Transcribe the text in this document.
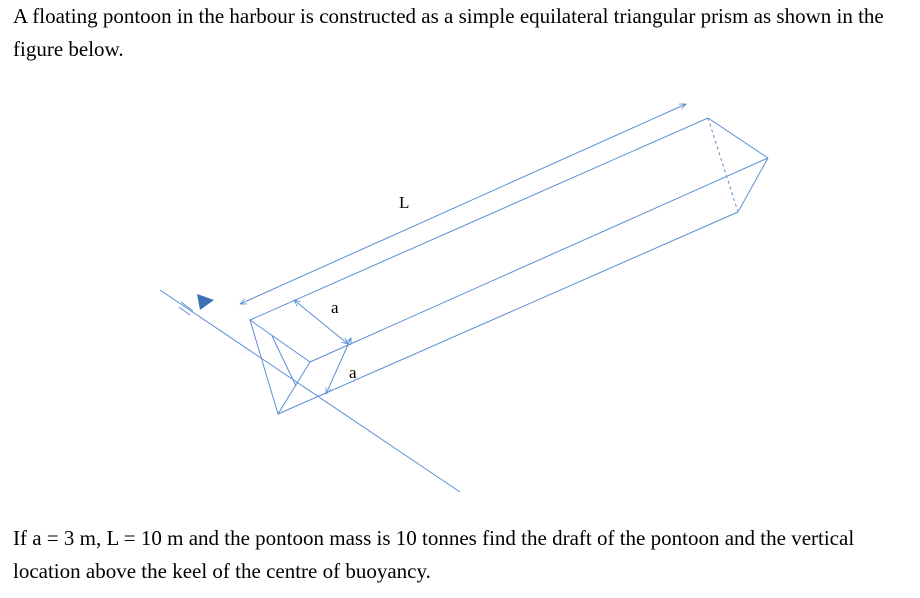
A floating pontoon in the harbour is constructed as a simple equilateral triangular prism as shown in the figure below.

L
a
a

If a = 3 m, L = 10 m and the pontoon mass is 10 tonnes find the draft of the pontoon and the vertical location above the keel of the centre of buoyancy.
